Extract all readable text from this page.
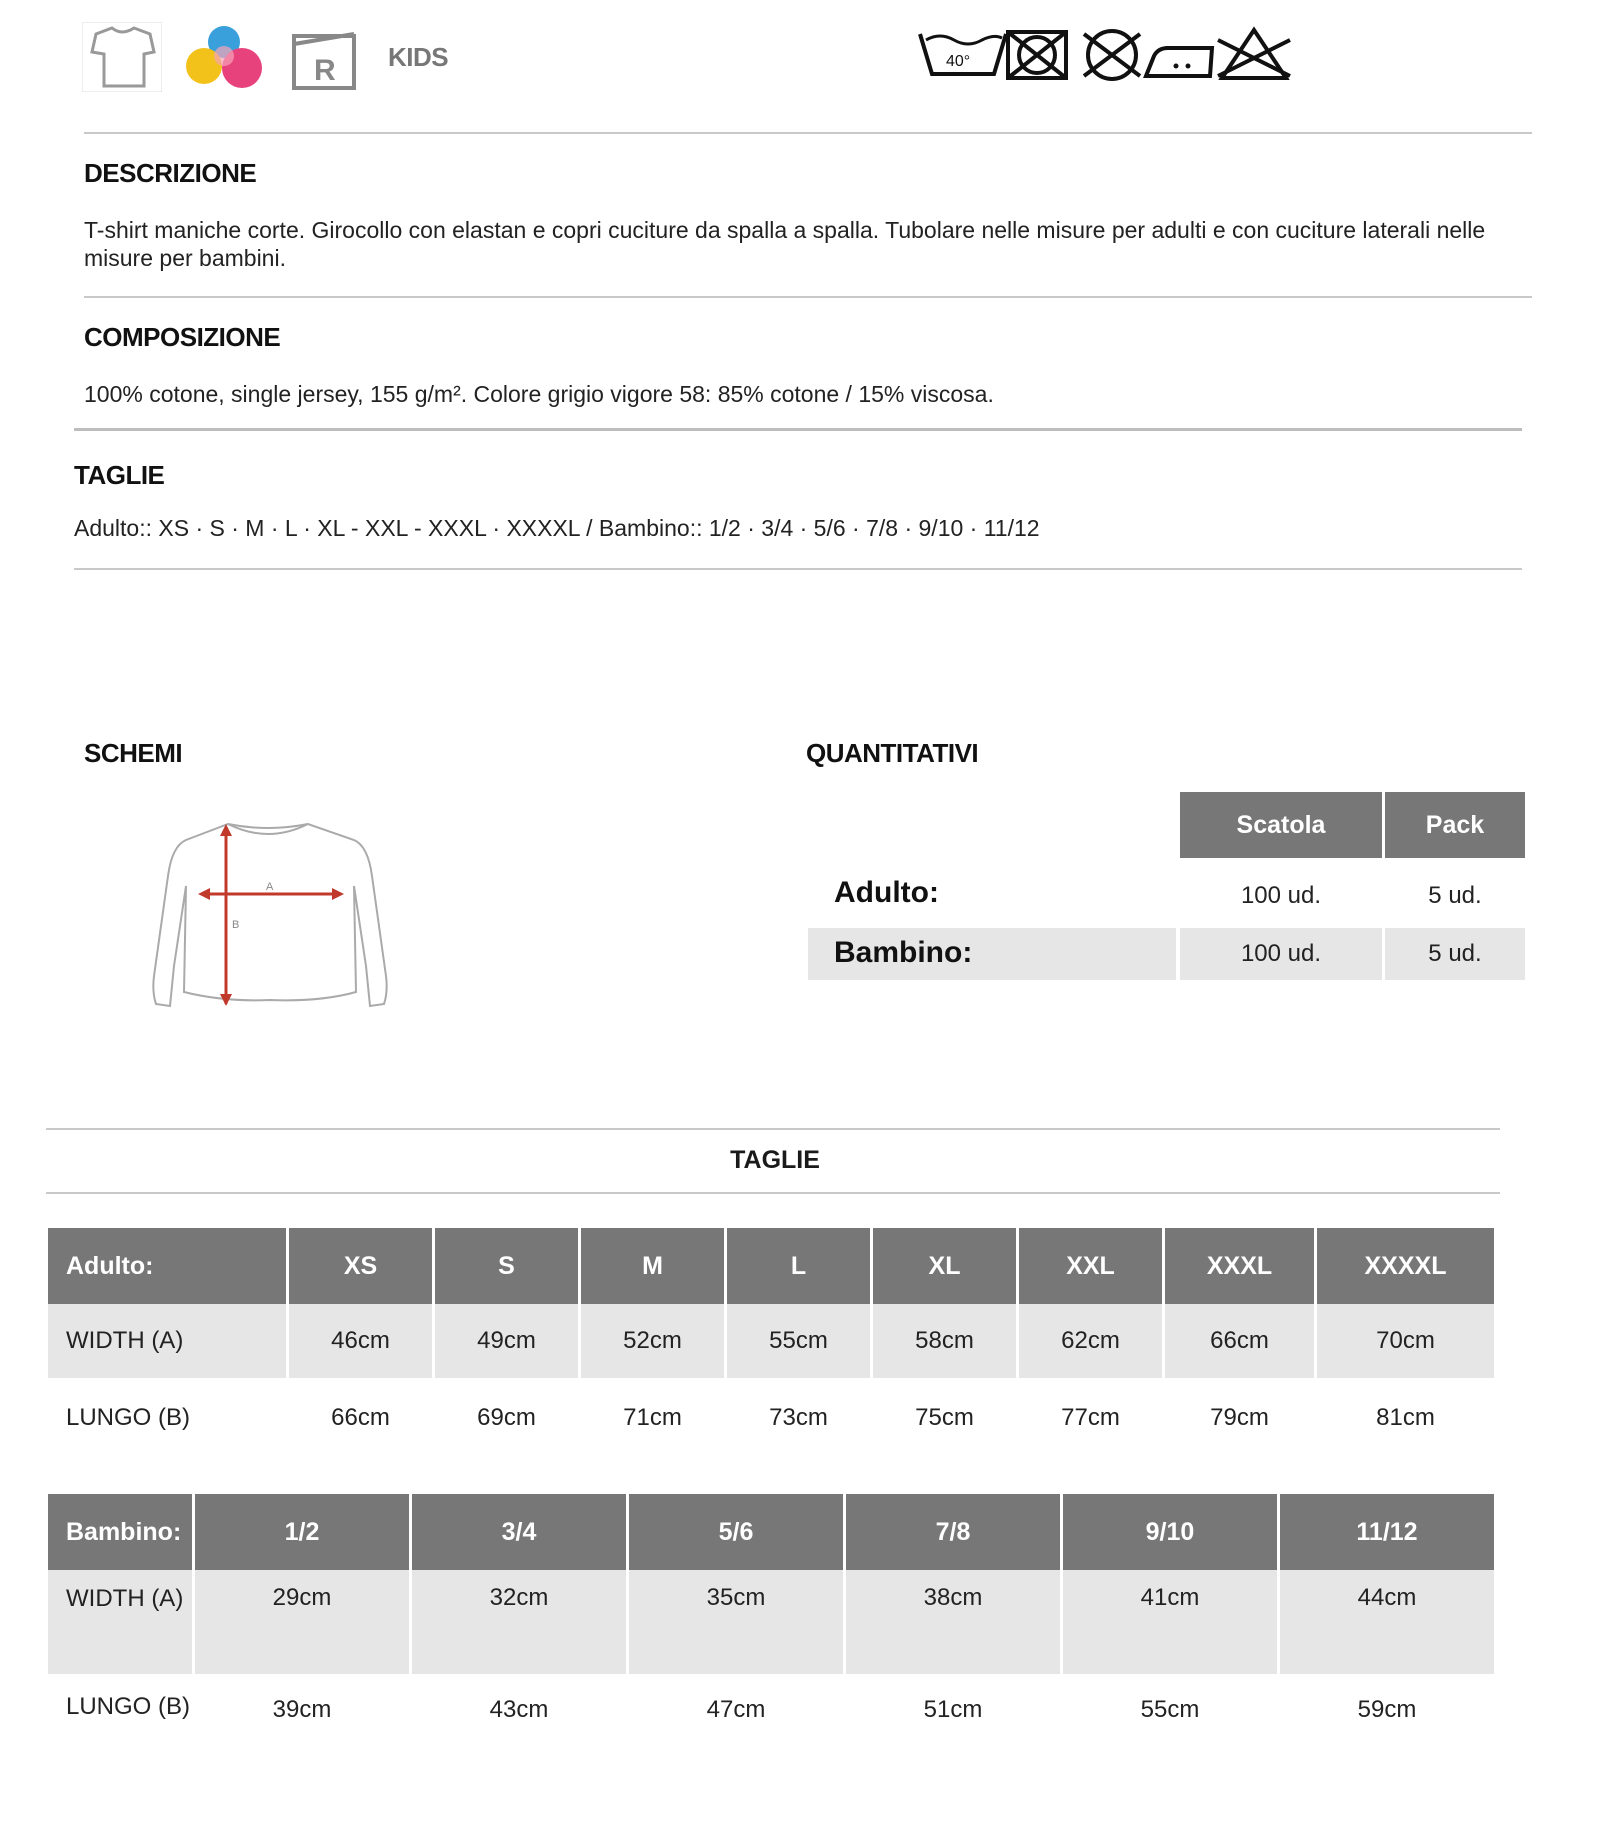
R KIDS	40°
DESCRIZIONE
T-shirt maniche corte. Girocollo con elastan e copri cuciture da spalla a spalla. Tubolare nelle misure per adulti e con cuciture laterali nelle misure per bambini.
COMPOSIZIONE
100% cotone, single jersey, 155 g/m². Colore grigio vigore 58: 85% cotone / 15% viscosa.
TAGLIE
Adulto:: XS · S · M · L · XL - XXL - XXXL · XXXXL / Bambino:: 1/2 · 3/4 · 5/6 · 7/8 · 9/10 · 11/12
SCHEMI
A
B
QUANTITATIVI
Scatola	Pack
Adulto:	100 ud.	5 ud.
Bambino:	100 ud.	5 ud.
TAGLIE
Adulto:	XS	S	M	L	XL	XXL	XXXL	XXXXL
WIDTH (A)	46cm	49cm	52cm	55cm	58cm	62cm	66cm	70cm
LUNGO (B)	66cm	69cm	71cm	73cm	75cm	77cm	79cm	81cm
Bambino:	1/2	3/4	5/6	7/8	9/10	11/12
WIDTH (A)	29cm	32cm	35cm	38cm	41cm	44cm
LUNGO (B)	39cm	43cm	47cm	51cm	55cm	59cm
